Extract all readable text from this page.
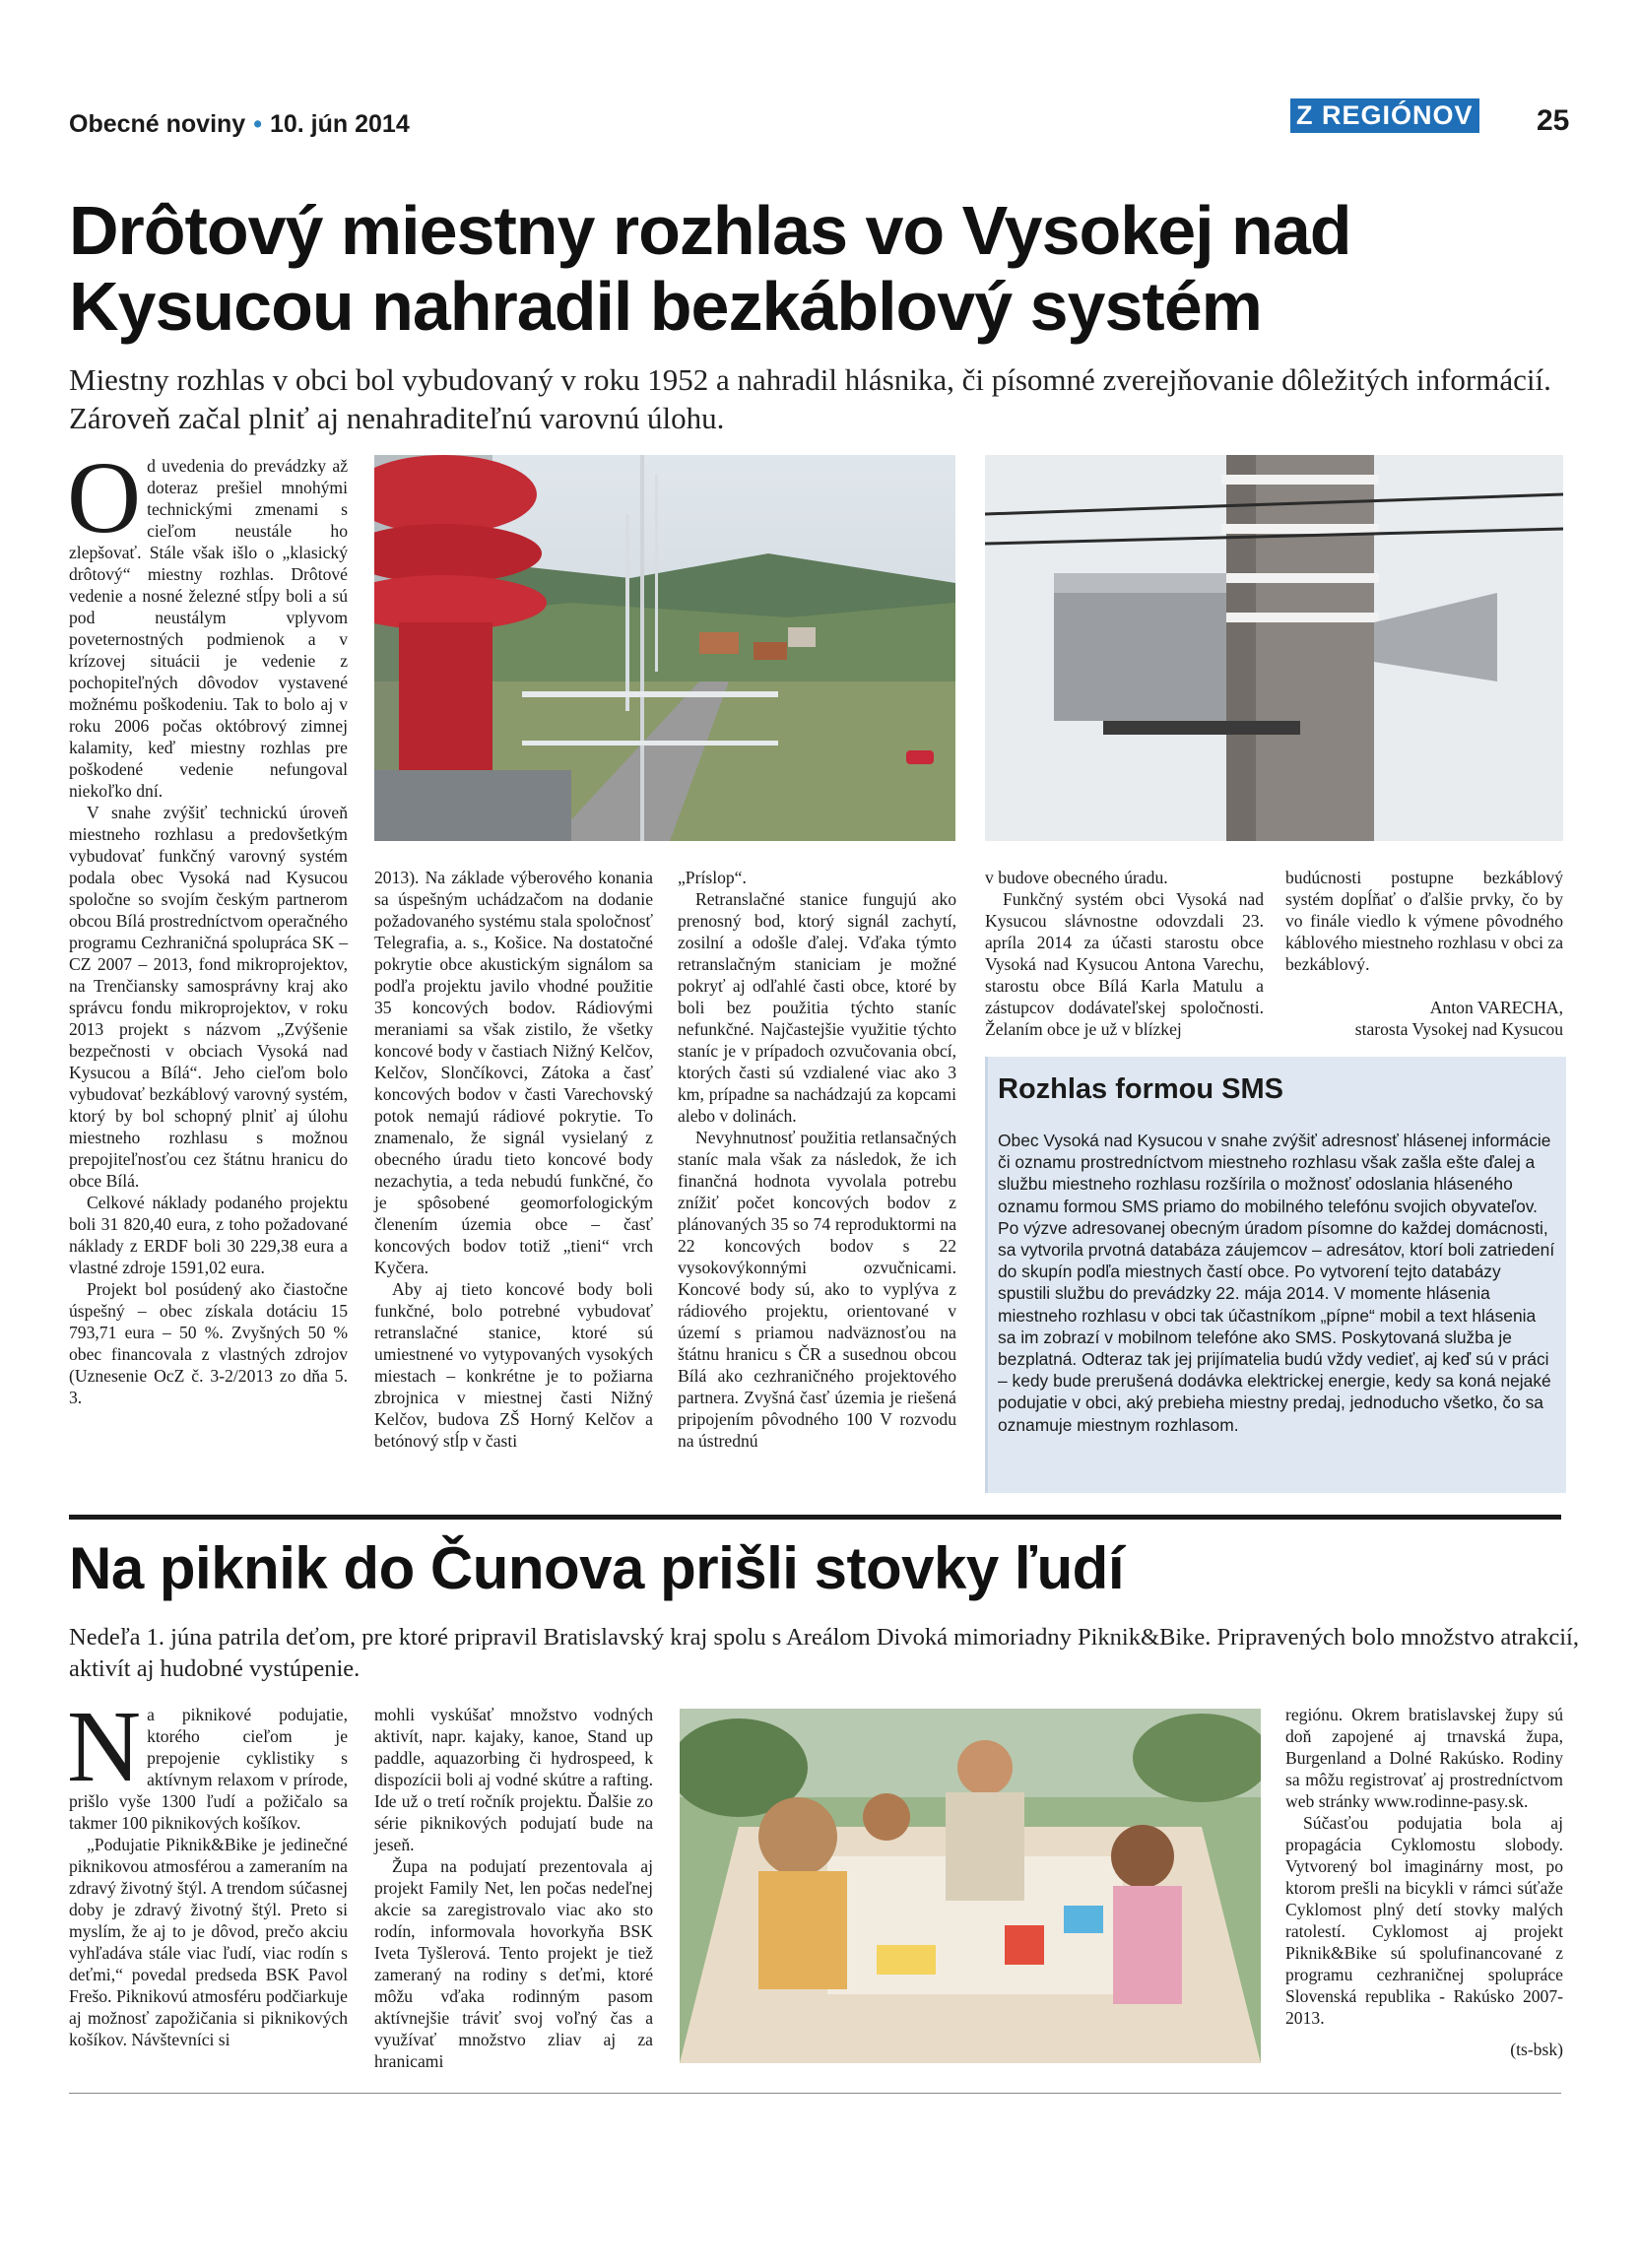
Obecné noviny • 10. jún 2014	Z REGIÓNOV 25
Drôtový miestny rozhlas vo Vysokej nad Kysucou nahradil bezkáblový systém
Miestny rozhlas v obci bol vybudovaný v roku 1952 a nahradil hlásnika, či písomné zverejňovanie dôležitých informácií. Zároveň začal plniť aj nenahraditeľnú varovnú úlohu.

Od uvedenia do prevádzky až doteraz prešiel mnohými technickými zmenami s cieľom neustále ho zlepšovať. Stále však išlo o „klasický drôtový“ miestny rozhlas. Drôtové vedenie a nosné železné stĺpy boli a sú pod neustálym vplyvom poveternostných podmienok a v krízovej situácii je vedenie z pochopiteľných dôvodov vystavené možnému poškodeniu. Tak to bolo aj v roku 2006 počas októbrový zimnej kalamity, keď miestny rozhlas pre poškodené vedenie nefungoval niekoľko dní.

V snahe zvýšiť technickú úroveň miestneho rozhlasu a predovšetkým vybudovať funkčný varovný systém podala obec Vysoká nad Kysucou spoločne so svojím českým partnerom obcou Bílá prostredníctvom operačného programu Cezhraničná spolupráca SK – CZ 2007 – 2013, fond mikroprojektov, na Trenčiansky samosprávny kraj ako správcu fondu mikroprojektov, v roku 2013 projekt s názvom „Zvýšenie bezpečnosti v obciach Vysoká nad Kysucou a Bílá“. Jeho cieľom bolo vybudovať bezkáblový varovný systém, ktorý by bol schopný plniť aj úlohu miestneho rozhlasu s možnou prepojiteľnosťou cez štátnu hranicu do obce Bílá.

Celkové náklady podaného projektu boli 31 820,40 eura, z toho požadované náklady z ERDF boli 30 229,38 eura a vlastné zdroje 1591,02 eura.

Projekt bol posúdený ako čiastočne úspešný – obec získala dotáciu 15 793,71 eura – 50 %. Zvyšných 50 % obec financovala z vlastných zdrojov (Uznesenie OcZ č. 3-2/2013 zo dňa 5. 3.

2013). Na základe výberového konania sa úspešným uchádzačom na dodanie požadovaného systému stala spoločnosť Telegrafia, a. s., Košice. Na dostatočné pokrytie obce akustickým signálom sa podľa projektu javilo vhodné použitie 35 koncových bodov. Rádiovými meraniami sa však zistilo, že všetky koncové body v častiach Nižný Kelčov, Kelčov, Slončíkovci, Zátoka a časť koncových bodov v časti Varechovský potok nemajú rádiové pokrytie. To znamenalo, že signál vysielaný z obecného úradu tieto koncové body nezachytia, a teda nebudú funkčné, čo je spôsobené geomorfologickým členením územia obce – časť koncových bodov totiž „tieni“ vrch Kyčera.

Aby aj tieto koncové body boli funkčné, bolo potrebné vybudovať retranslačné stanice, ktoré sú umiestnené vo vytypovaných vysokých miestach – konkrétne je to požiarna zbrojnica v miestnej časti Nižný Kelčov, budova ZŠ Horný Kelčov a betónový stĺp v časti

„Príslop“.

Retranslačné stanice fungujú ako prenosný bod, ktorý signál zachytí, zosilní a odošle ďalej. Vďaka týmto retranslačným staniciam je možné pokryť aj odľahlé časti obce, ktoré by boli bez použitia týchto staníc nefunkčné. Najčastejšie využitie týchto staníc je v prípadoch ozvučovania obcí, ktorých časti sú vzdialené viac ako 3 km, prípadne sa nachádzajú za kopcami alebo v dolinách.

Nevyhnutnosť použitia retlansačných staníc mala však za následok, že ich finančná hodnota vyvolala potrebu znížiť počet koncových bodov z plánovaných 35 so 74 reproduktormi na 22 koncových bodov s 22 vysokovýkonnými ozvučnicami. Koncové body sú, ako to vyplýva z rádiového projektu, orientované v území s priamou nadväznosťou na štátnu hranicu s ČR a susednou obcou Bílá ako cezhraničného projektového partnera. Zvyšná časť územia je riešená pripojením pôvodného 100 V rozvodu na ústrednú

v budove obecného úradu.

Funkčný systém obci Vysoká nad Kysucou slávnostne odovzdali 23. apríla 2014 za účasti starostu obce Vysoká nad Kysucou Antona Varechu, starostu obce Bílá Karla Matulu a zástupcov dodávateľskej spoločnosti. Želaním obce je už v blízkej

budúcnosti postupne bezkáblový systém dopĺňať o ďalšie prvky, čo by vo finále viedlo k výmene pôvodného káblového miestneho rozhlasu v obci za bezkáblový.

Anton VARECHA,

starosta Vysokej nad Kysucou

Rozhlas formou SMS

Obec Vysoká nad Kysucou v snahe zvýšiť adresnosť hlásenej informácie či oznamu prostredníctvom miestneho rozhlasu však zašla ešte ďalej a službu miestneho rozhlasu rozšírila o možnosť odoslania hláseného oznamu formou SMS priamo do mobilného telefónu svojich obyvateľov.

Po výzve adresovanej obecným úradom písomne do každej domácnosti, sa vytvorila prvotná databáza záujemcov – adresátov, ktorí boli zatriedení do skupín podľa miestnych častí obce. Po vytvorení tejto databázy spustili službu do prevádzky 22. mája 2014. V momente hlásenia miestneho rozhlasu v obci tak účastníkom „pípne“ mobil a text hlásenia sa im zobrazí v mobilnom telefóne ako SMS. Poskytovaná služba je bezplatná. Odteraz tak jej prijímatelia budú vždy vedieť, aj keď sú v práci – kedy bude prerušená dodávka elektrickej energie, kedy sa koná nejaké podujatie v obci, aký prebieha miestny predaj, jednoducho všetko, čo sa oznamuje miestnym rozhlasom.

Na piknik do Čunova prišli stovky ľudí
Nedeľa 1. júna patrila deťom, pre ktoré pripravil Bratislavský kraj spolu s Areálom Divoká mimoriadny Piknik&Bike. Pripravených bolo množstvo atrakcií, aktivít aj hudobné vystúpenie.

Na piknikové podujatie, ktorého cieľom je prepojenie cyklistiky s aktívnym relaxom v prírode, prišlo vyše 1300 ľudí a požičalo sa takmer 100 piknikových košíkov.

„Podujatie Piknik&Bike je jedinečné piknikovou atmosférou a zameraním na zdravý životný štýl. A trendom súčasnej doby je zdravý životný štýl. Preto si myslím, že aj to je dôvod, prečo akciu vyhľadáva stále viac ľudí, viac rodín s deťmi,“ povedal predseda BSK Pavol Frešo. Piknikovú atmosféru podčiarkuje aj možnosť zapožičania si piknikových košíkov. Návštevníci si

mohli vyskúšať množstvo vodných aktivít, napr. kajaky, kanoe, Stand up paddle, aquazorbing či hydrospeed, k dispozícii boli aj vodné skútre a rafting. Ide už o tretí ročník projektu. Ďalšie zo série piknikových podujatí bude na jeseň.

Župa na podujatí prezentovala aj projekt Family Net, len počas nedeľnej akcie sa zaregistrovalo viac ako sto rodín, informovala hovorkyňa BSK Iveta Tyšlerová. Tento projekt je tiež zameraný na rodiny s deťmi, ktoré môžu vďaka rodinným pasom aktívnejšie tráviť svoj voľný čas a využívať množstvo zliav aj za hranicami

regiónu. Okrem bratislavskej župy sú doň zapojené aj trnavská župa, Burgenland a Dolné Rakúsko. Rodiny sa môžu registrovať aj prostredníctvom web stránky www.rodinne-pasy.sk.

Súčasťou podujatia bola aj propagácia Cyklomostu slobody. Vytvorený bol imaginárny most, po ktorom prešli na bicykli v rámci súťaže Cyklomost plný detí stovky malých ratolestí. Cyklomost aj projekt Piknik&Bike sú spolufinancované z programu cezhraničnej spolupráce Slovenská republika - Rakúsko 2007-2013.

(ts-bsk)
